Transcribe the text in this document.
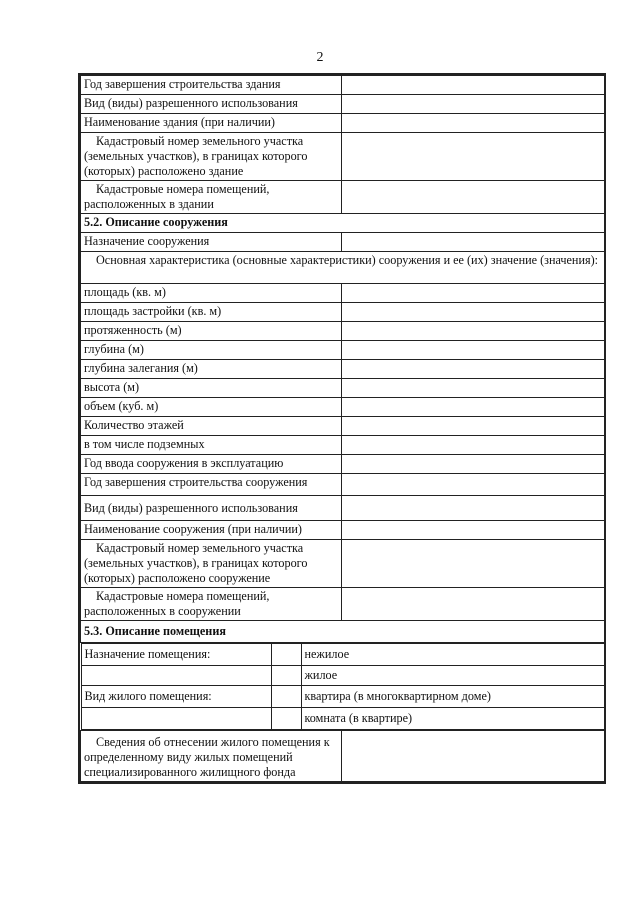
2
Год завершения строительства здания	
Вид (виды) разрешенного использования	
Наименование здания (при наличии)	
Кадастровый номер земельного участка (земельных участков), в границах которого (которых) расположено здание	
Кадастровые номера помещений, расположенных в здании	
5.2. Описание сооружения
Назначение сооружения	
Основная характеристика (основные характеристики) сооружения и ее (их) значение (значения):
площадь (кв. м)	
площадь застройки (кв. м)	
протяженность (м)	
глубина (м)	
глубина залегания (м)	
высота (м)	
объем (куб. м)	
Количество этажей	
в том числе подземных	
Год ввода сооружения в эксплуатацию	
Год завершения строительства сооружения	
Вид (виды) разрешенного использования	
Наименование сооружения (при наличии)	
Кадастровый номер земельного участка (земельных участков), в границах которого (которых) расположено сооружение	
Кадастровые номера помещений, расположенных в сооружении	
5.3. Описание помещения

Назначение помещения:		нежилое
		жилое
Вид жилого помещения:		квартира (в многоквартирном доме)
		комната (в квартире)

Сведения об отнесении жилого помещения к определенному виду жилых помещений специализированного жилищного фонда	
